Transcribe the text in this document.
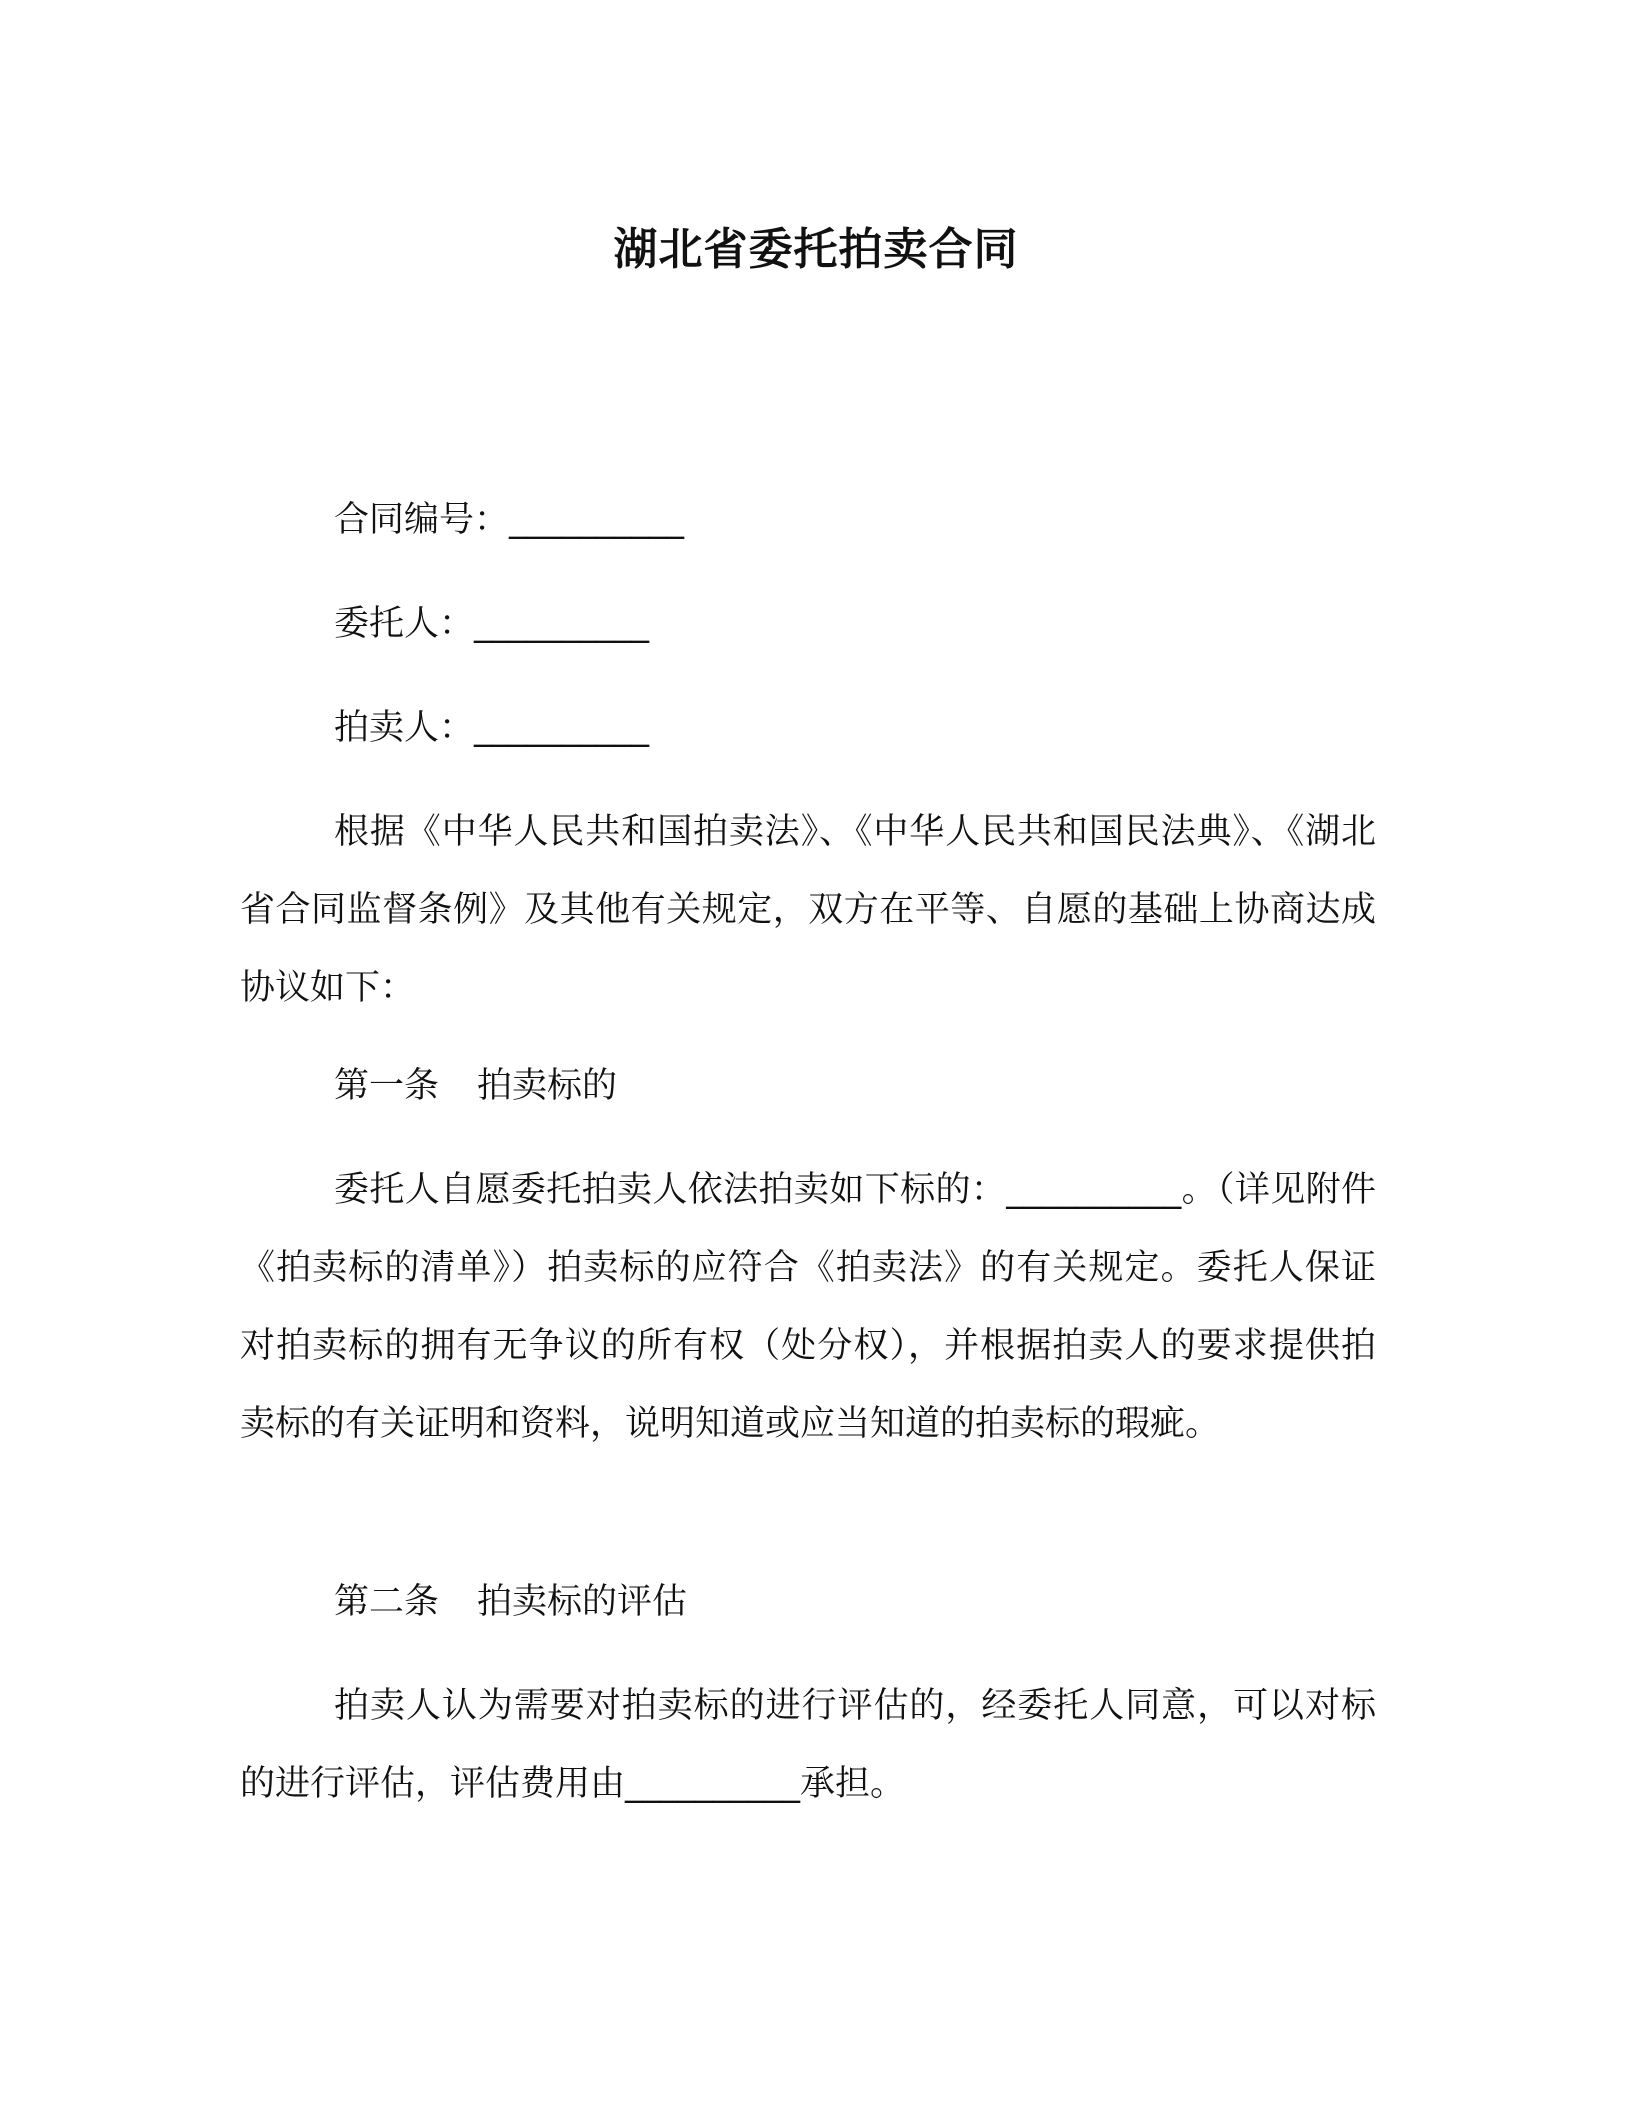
湖北省委托拍卖合同
合同编号：__________
委托人：__________
拍卖人：__________

根据《中华人民共和国拍卖法》、《中华人民共和国民法典》、《湖北省合同监督条例》及其他有关规定，双方在平等、自愿的基础上协商达成协议如下：

第一条 拍卖标的

委托人自愿委托拍卖人依法拍卖如下标的：__________。（详见附件《拍卖标的清单》）拍卖标的应符合《拍卖法》的有关规定。委托人保证对拍卖标的拥有无争议的所有权（处分权），并根据拍卖人的要求提供拍卖标的有关证明和资料，说明知道或应当知道的拍卖标的瑕疵。

第二条 拍卖标的评估

拍卖人认为需要对拍卖标的进行评估的，经委托人同意，可以对标的进行评估，评估费用由__________承担。
